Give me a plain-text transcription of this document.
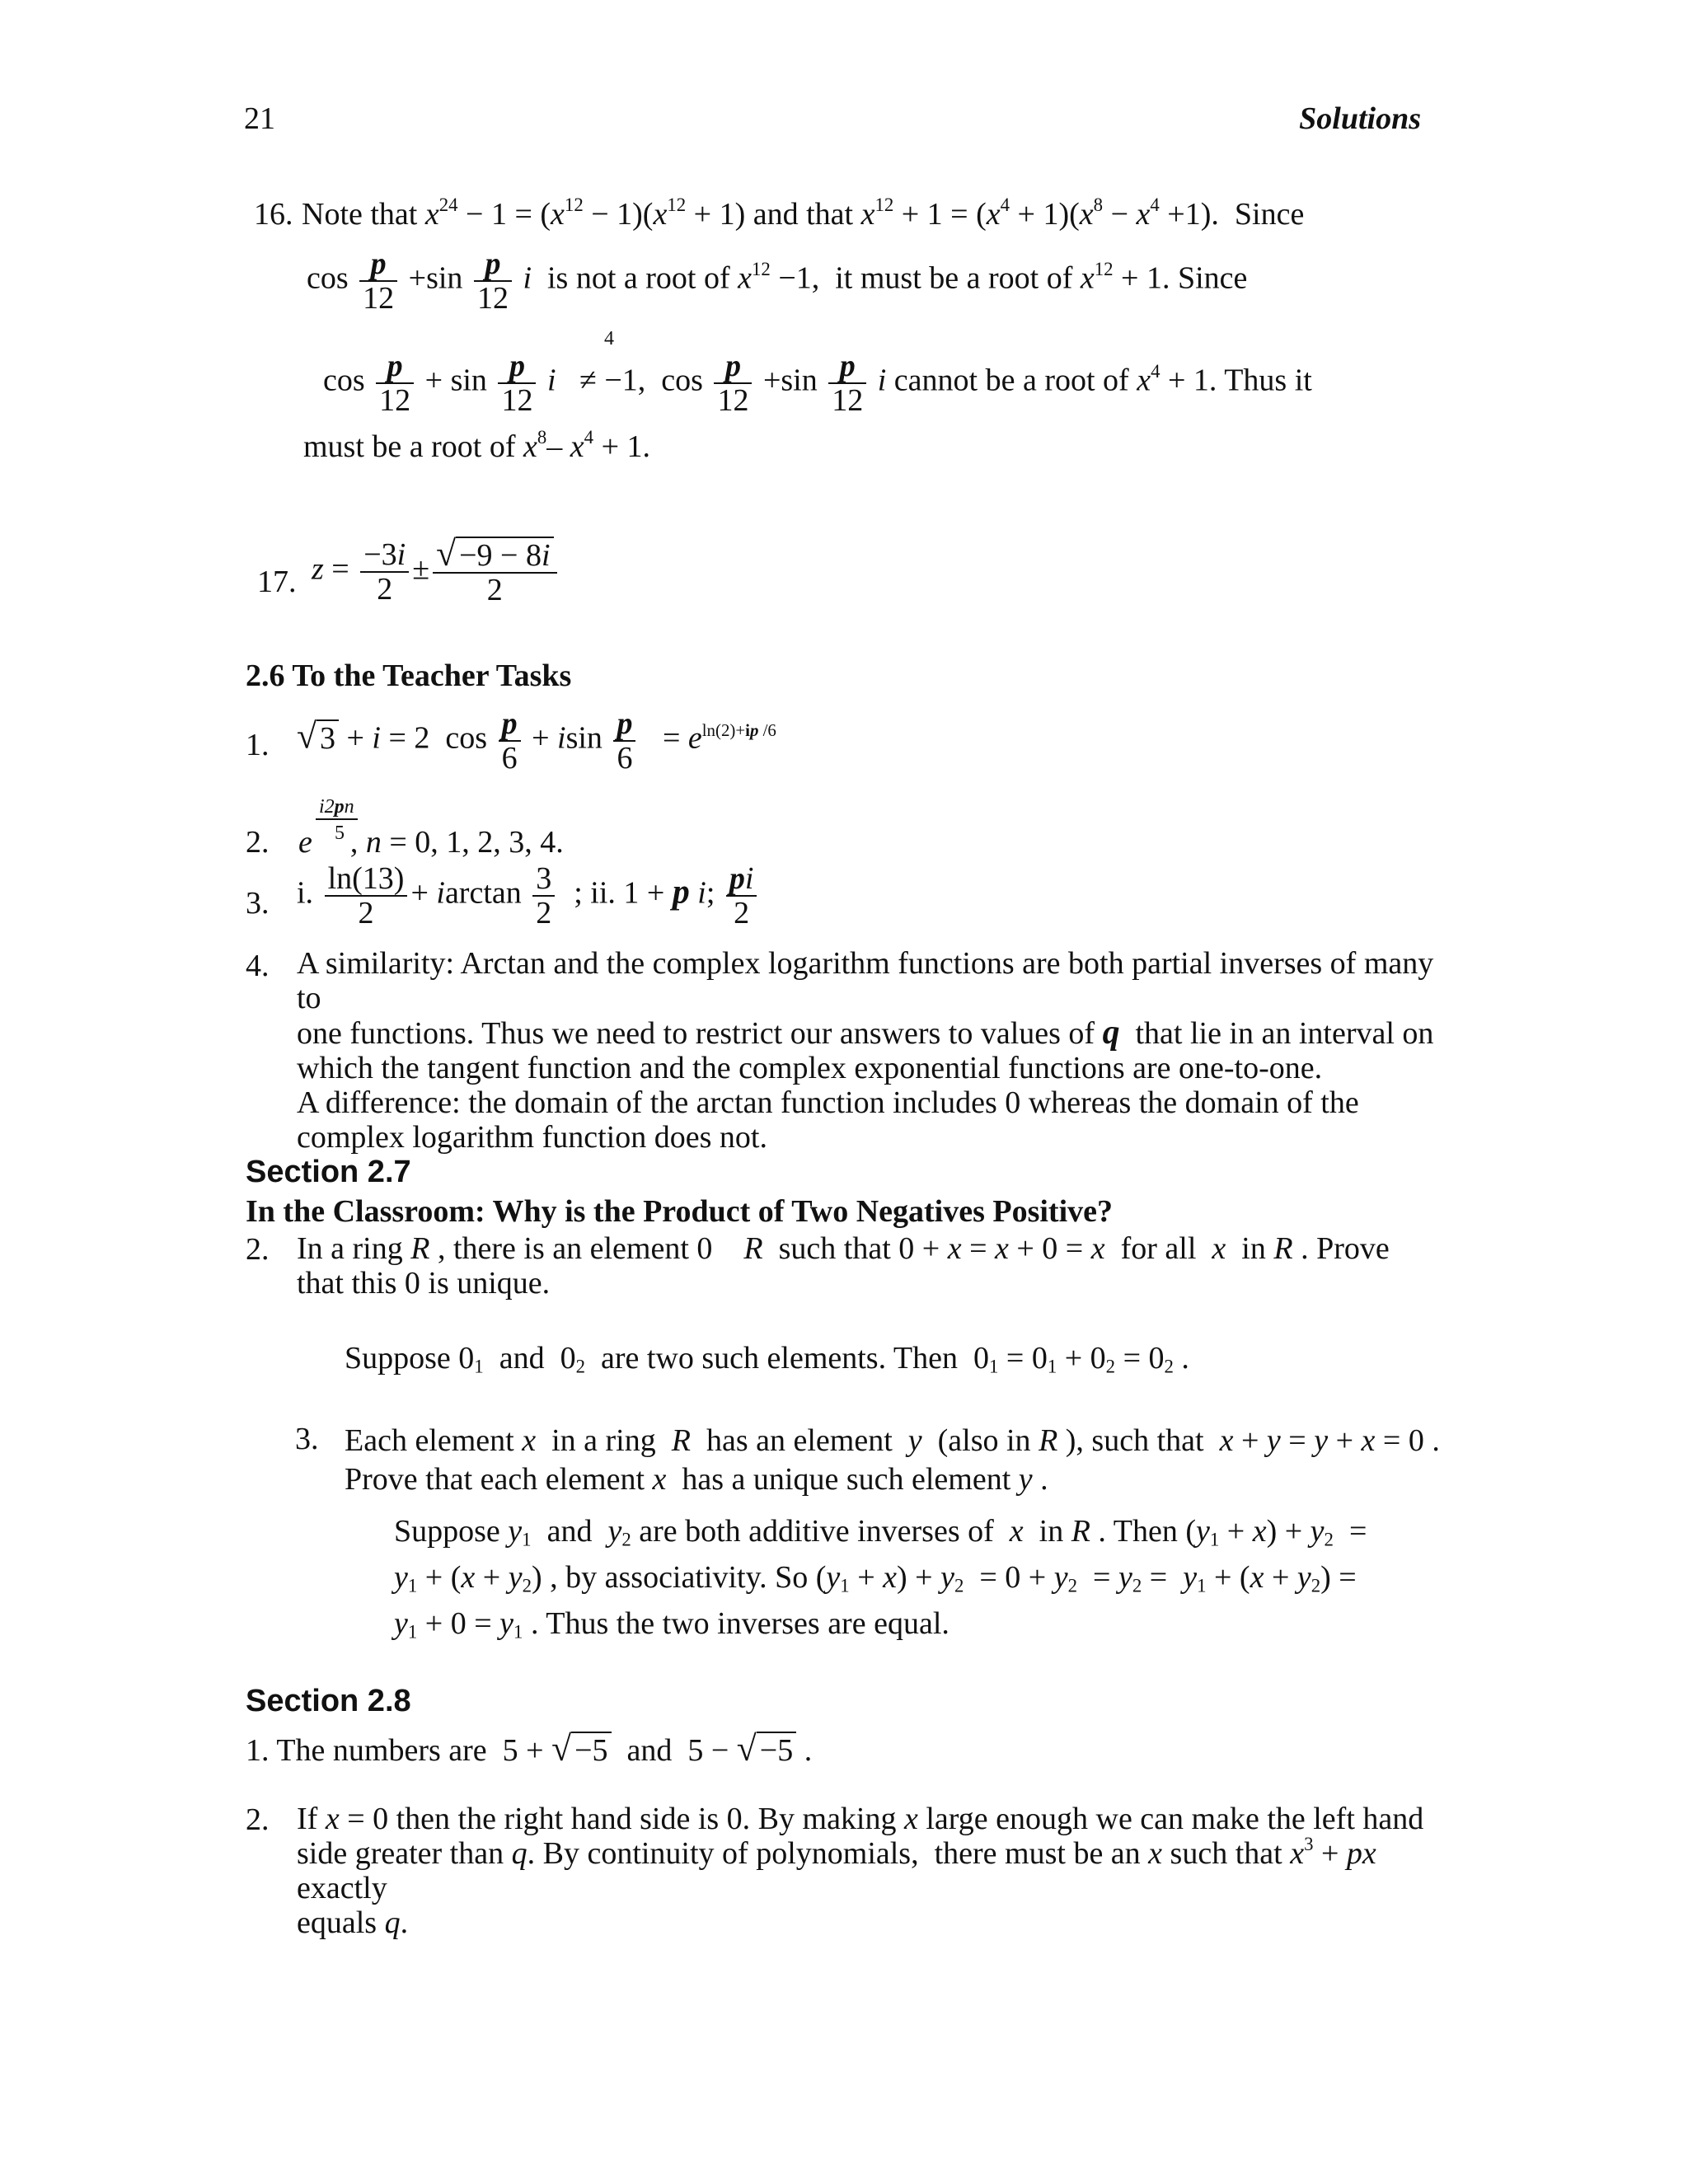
21	Solutions
16. Note that $x^{24} - 1 = (x^{12} - 1)(x^{12} + 1)$ and that $x^{12} + 1 = (x^4 + 1)(x^8 - x^4 +1)$.  Since
$\cos \frac{p}{12} +\sin \frac{p}{12}$ i  is not a root of $x^{12} -1$,  it must be a root of $x^{12} + 1$. Since
4
$\cos \frac{p}{12} + \sin \frac{p}{12}$ i   ≠ −1,  $\cos \frac{p}{12} +\sin \frac{p}{12}$ i cannot be a root of $x^4 + 1$. Thus it
must be a root of $x^8-$ $x^4 + 1$.
17. $z = \frac{-3i}{2} \pm \frac{√ -9 - 8i}{2}$
2.6 To the Teacher Tasks
1. √ 3 + i = 2  $\cos \frac{p}{6} + isin \frac{p}{6} = e^{ln(2)+ip /6}$
i2pn
5
2. e , n = 0, 1, 2, 3, 4.
3. i. $\frac{\ln(13)}{2} + iarctan \frac{3}{2}$ ; ii. 1 + p i; $\frac{pi}{2}$
4. A similarity: Arctan and the complex logarithm functions are both partial inverses of many to
one functions. Thus we need to restrict our answers to values of q that lie in an interval on
which the tangent function and the complex exponential functions are one-to-one.
A difference: the domain of the arctan function includes 0 whereas the domain of the
complex logarithm function does not.
Section 2.7
In the Classroom: Why is the Product of Two Negatives Positive?
2. In a ring R , there is an element 0    R  such that 0 + x = x + 0 = x  for all  x  in R . Prove
that this 0 is unique.
Suppose $0_1$  and  $0_2$  are two such elements. Then  $0_1 = 0_1 + 0_2 = 0_2$ .
3. Each element x  in a ring  R  has an element  y  (also in R ), such that  x + y = y + x = 0 .
Prove that each element x  has a unique such element y .
Suppose $y_1$  and  $y_2$ are both additive inverses of  x  in R . Then $(y_1 + x) + y_2$  =
$y_1 + (x + y_2)$ , by associativity. So $(y_1 + x) + y_2 = 0 + y_2 = y_2 = y_1 + (x + y_2)$ =
$y_1 + 0 = y_1$ . Thus the two inverses are equal.
Section 2.8
1. The numbers are  5 + √ −5  and  5 − √ −5 .
2. If x = 0 then the right hand side is 0. By making x large enough we can make the left hand
side greater than q. By continuity of polynomials,  there must be an x such that $x^3$ + px exactly
equals q.
